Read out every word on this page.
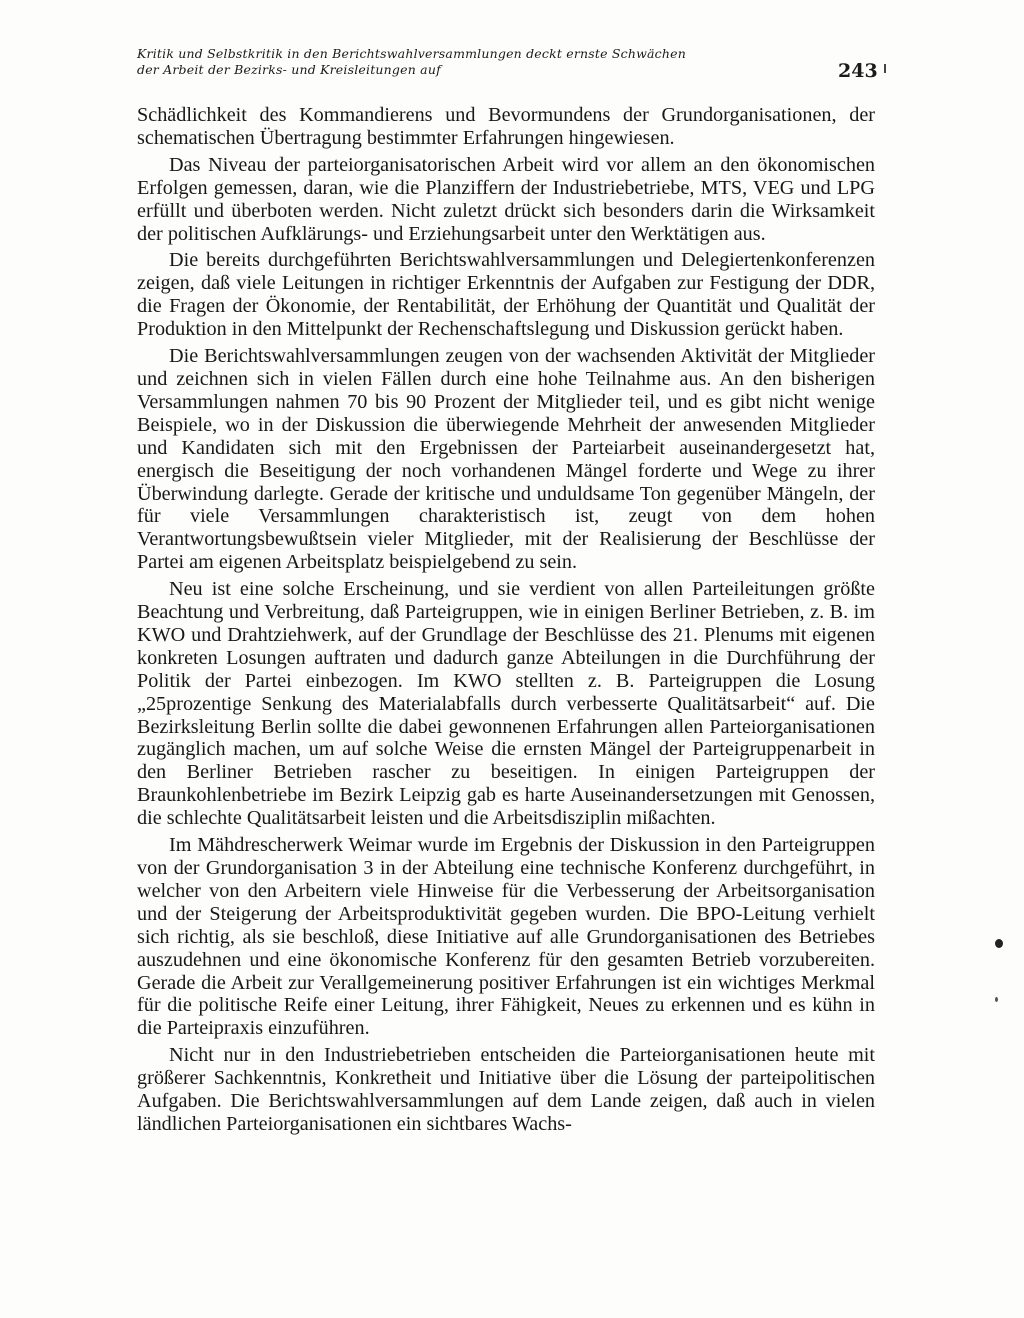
Kritik und Selbstkritik in den Berichtswahlversammlungen deckt ernste Schwächen
der Arbeit der Bezirks- und Kreisleitungen auf	243

Schädlichkeit des Kommandierens und Bevormundens der Grundorganisationen, der schematischen Übertragung bestimmter Erfahrungen hingewiesen.

Das Niveau der parteiorganisatorischen Arbeit wird vor allem an den ökonomischen Erfolgen gemessen, daran, wie die Planziffern der Industriebetriebe, MTS, VEG und LPG erfüllt und überboten werden. Nicht zuletzt drückt sich besonders darin die Wirksamkeit der politischen Aufklärungs- und Erziehungsarbeit unter den Werktätigen aus.

Die bereits durchgeführten Berichtswahlversammlungen und Delegiertenkonferenzen zeigen, daß viele Leitungen in richtiger Erkenntnis der Aufgaben zur Festigung der DDR, die Fragen der Ökonomie, der Rentabilität, der Erhöhung der Quantität und Qualität der Produktion in den Mittelpunkt der Rechenschaftslegung und Diskussion gerückt haben.

Die Berichtswahlversammlungen zeugen von der wachsenden Aktivität der Mitglieder und zeichnen sich in vielen Fällen durch eine hohe Teilnahme aus. An den bisherigen Versammlungen nahmen 70 bis 90 Prozent der Mitglieder teil, und es gibt nicht wenige Beispiele, wo in der Diskussion die überwiegende Mehrheit der anwesenden Mitglieder und Kandidaten sich mit den Ergebnissen der Parteiarbeit auseinandergesetzt hat, energisch die Beseitigung der noch vorhandenen Mängel forderte und Wege zu ihrer Überwindung darlegte. Gerade der kritische und unduldsame Ton gegenüber Mängeln, der für viele Versammlungen charakteristisch ist, zeugt von dem hohen Verantwortungsbewußtsein vieler Mitglieder, mit der Realisierung der Beschlüsse der Partei am eigenen Arbeitsplatz beispielgebend zu sein.

Neu ist eine solche Erscheinung, und sie verdient von allen Parteileitungen größte Beachtung und Verbreitung, daß Parteigruppen, wie in einigen Berliner Betrieben, z. B. im KWO und Drahtziehwerk, auf der Grundlage der Beschlüsse des 21. Plenums mit eigenen konkreten Losungen auftraten und dadurch ganze Abteilungen in die Durchführung der Politik der Partei einbezogen. Im KWO stellten z. B. Parteigruppen die Losung „25prozentige Senkung des Materialabfalls durch verbesserte Qualitätsarbeit“ auf. Die Bezirksleitung Berlin sollte die dabei gewonnenen Erfahrungen allen Parteiorganisationen zugänglich machen, um auf solche Weise die ernsten Mängel der Parteigruppenarbeit in den Berliner Betrieben rascher zu beseitigen. In einigen Parteigruppen der Braunkohlenbetriebe im Bezirk Leipzig gab es harte Auseinandersetzungen mit Genossen, die schlechte Qualitätsarbeit leisten und die Arbeitsdisziplin mißachten.

Im Mähdrescherwerk Weimar wurde im Ergebnis der Diskussion in den Parteigruppen von der Grundorganisation 3 in der Abteilung eine technische Konferenz durchgeführt, in welcher von den Arbeitern viele Hinweise für die Verbesserung der Arbeitsorganisation und der Steigerung der Arbeitsproduktivität gegeben wurden. Die BPO-Leitung verhielt sich richtig, als sie beschloß, diese Initiative auf alle Grundorganisationen des Betriebes auszudehnen und eine ökonomische Konferenz für den gesamten Betrieb vorzubereiten. Gerade die Arbeit zur Verallgemeinerung positiver Erfahrungen ist ein wichtiges Merkmal für die politische Reife einer Leitung, ihrer Fähigkeit, Neues zu erkennen und es kühn in die Parteipraxis einzuführen.

Nicht nur in den Industriebetrieben entscheiden die Parteiorganisationen heute mit größerer Sachkenntnis, Konkretheit und Initiative über die Lösung der parteipolitischen Aufgaben. Die Berichtswahlversammlungen auf dem Lande zeigen, daß auch in vielen ländlichen Parteiorganisationen ein sichtbares Wachs-
